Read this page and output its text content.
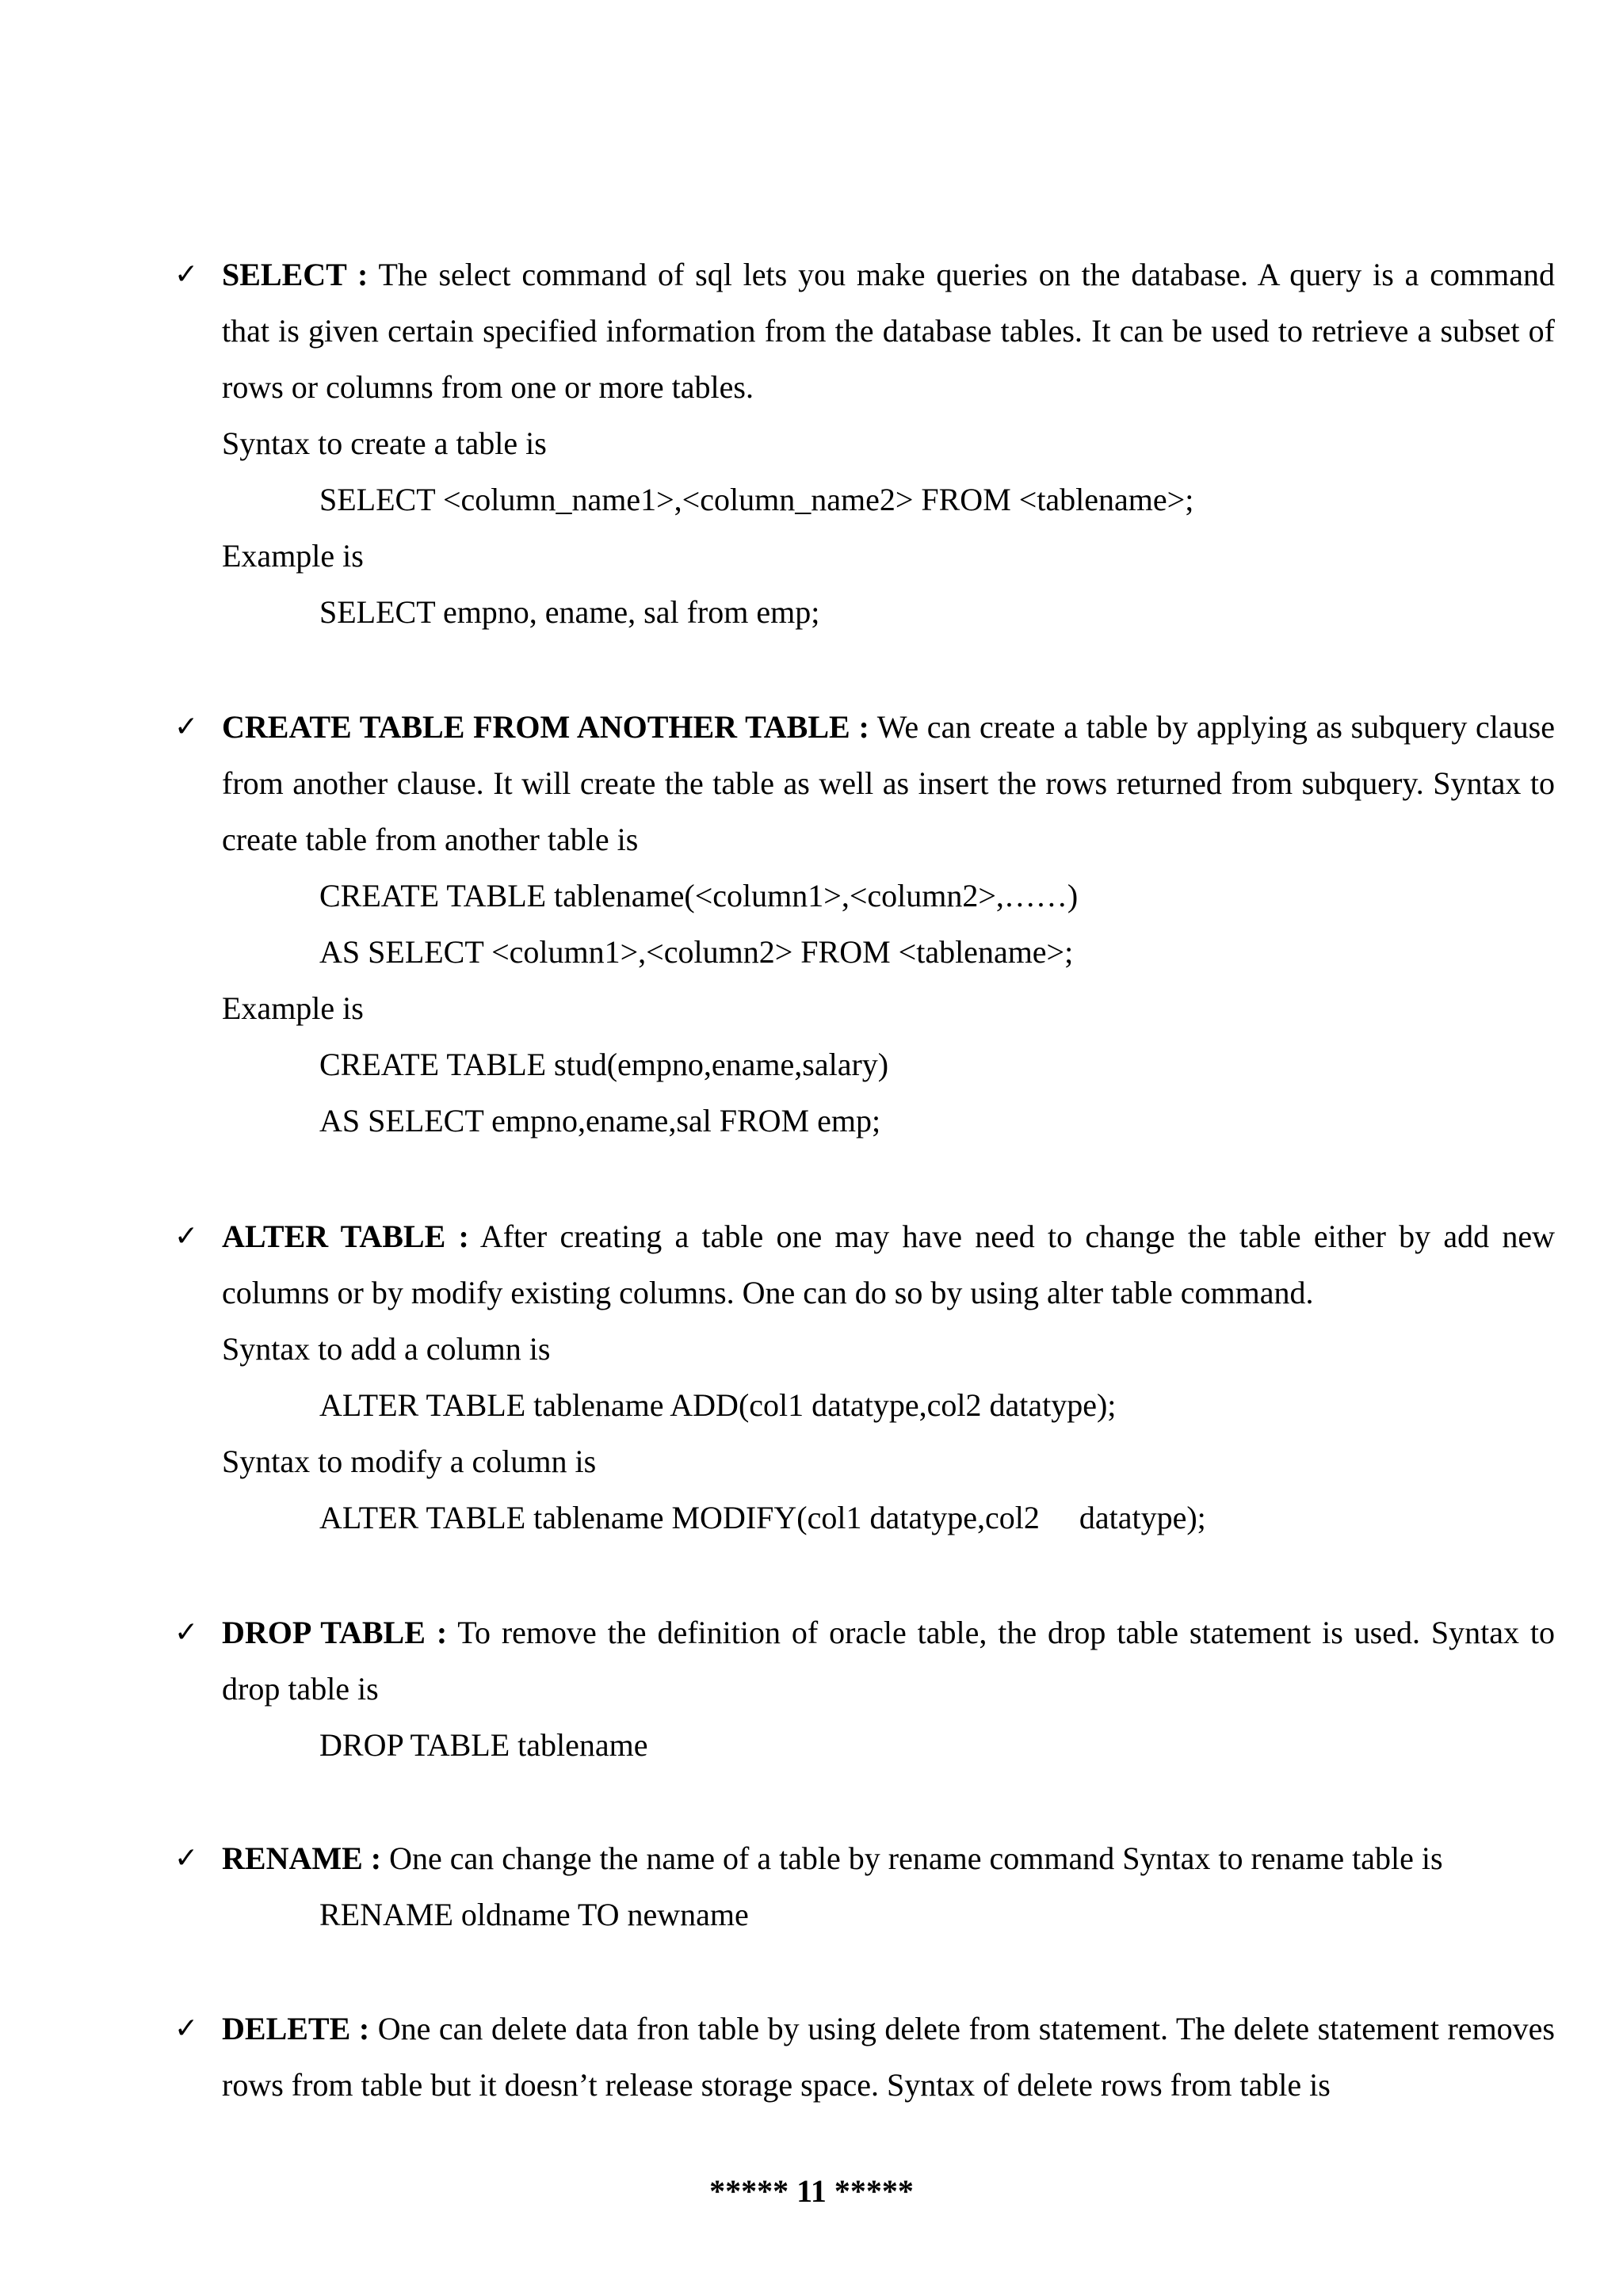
✓ SELECT : The select command of sql lets you make queries on the database. A query is a command that is given certain specified information from the database tables. It can be used to retrieve a subset of rows or columns from one or more tables.

Syntax to create a table is

SELECT <column_name1>,<column_name2> FROM <tablename>;

Example is

SELECT empno, ename, sal from emp;

✓ CREATE TABLE FROM ANOTHER TABLE : We can create a table by applying as subquery clause from another clause. It will create the table as well as insert the rows returned from subquery. Syntax to create table from another table is

CREATE TABLE tablename(<column1>,<column2>,……)

AS SELECT <column1>,<column2> FROM <tablename>;

Example is

CREATE TABLE stud(empno,ename,salary)

AS SELECT empno,ename,sal FROM emp;

✓ ALTER TABLE : After creating a table one may have need to change the table either by add new columns or by modify existing columns. One can do so by using alter table command.

Syntax to add a column is

ALTER TABLE tablename ADD(col1 datatype,col2 datatype);

Syntax to modify a column is

ALTER TABLE tablename MODIFY(col1 datatype,col2     datatype);

✓ DROP TABLE : To remove the definition of oracle table, the drop table statement is used. Syntax to drop table is

DROP TABLE tablename

✓ RENAME : One can change the name of a table by rename command Syntax to rename table is

RENAME oldname TO newname

✓ DELETE : One can delete data fron table by using delete from statement. The delete statement removes rows from table but it doesn’t release storage space. Syntax of delete rows from table is

***** 11 *****
